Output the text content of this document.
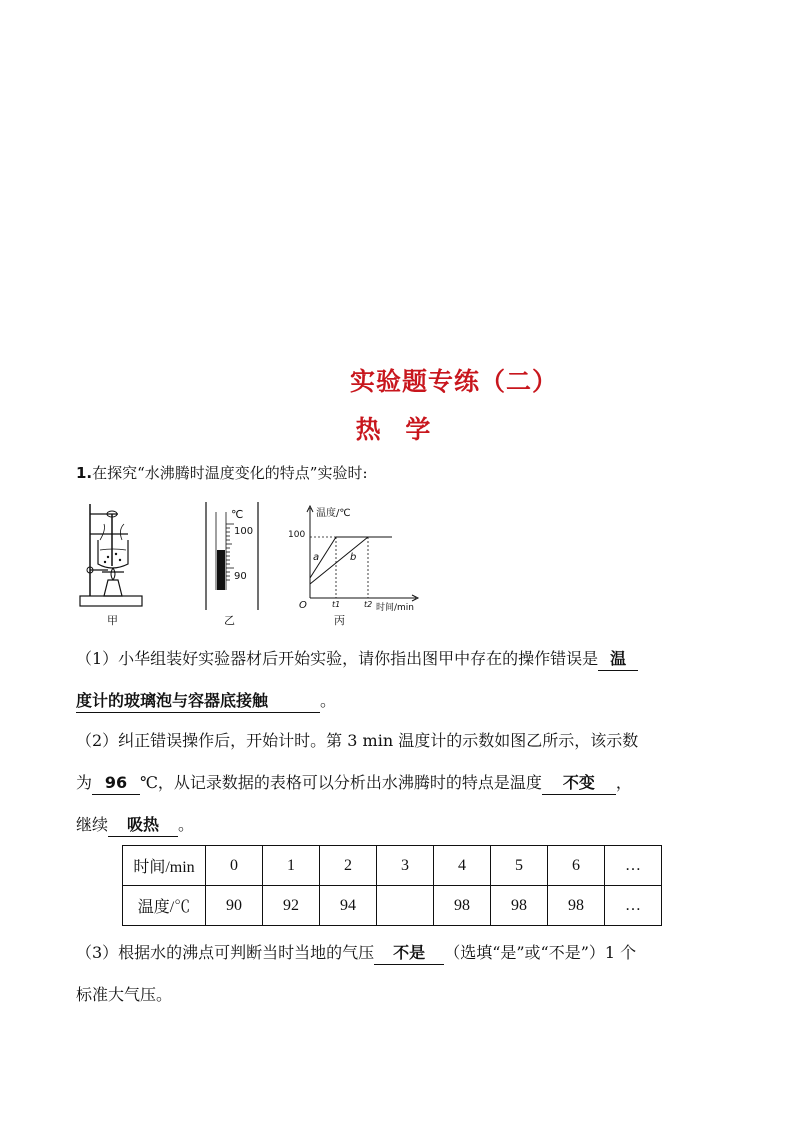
实验题专练（二）
热 学
1.在探究“水沸腾时温度变化的特点”实验时:
甲
℃
100
90
乙
温度/℃
100
a	b
O	t1	t2 时间/min
丙
（1）小华组装好实验器材后开始实验，请你指出图甲中存在的操作错误是 温
度计的玻璃泡与容器底接触	。
（2）纠正错误操作后，开始计时。第 3 min 温度计的示数如图乙所示，该示数
为 96 ℃，从记录数据的表格可以分析出水沸腾时的特点是温度 不变 ，
继续 吸热 。
时间/min	0	1	2	3	4	5	6	…
温度/℃	90	92	94		98	98	98	…
（3）根据水的沸点可判断当时当地的气压 不是 （选填“是”或“不是”）1 个
标准大气压。
